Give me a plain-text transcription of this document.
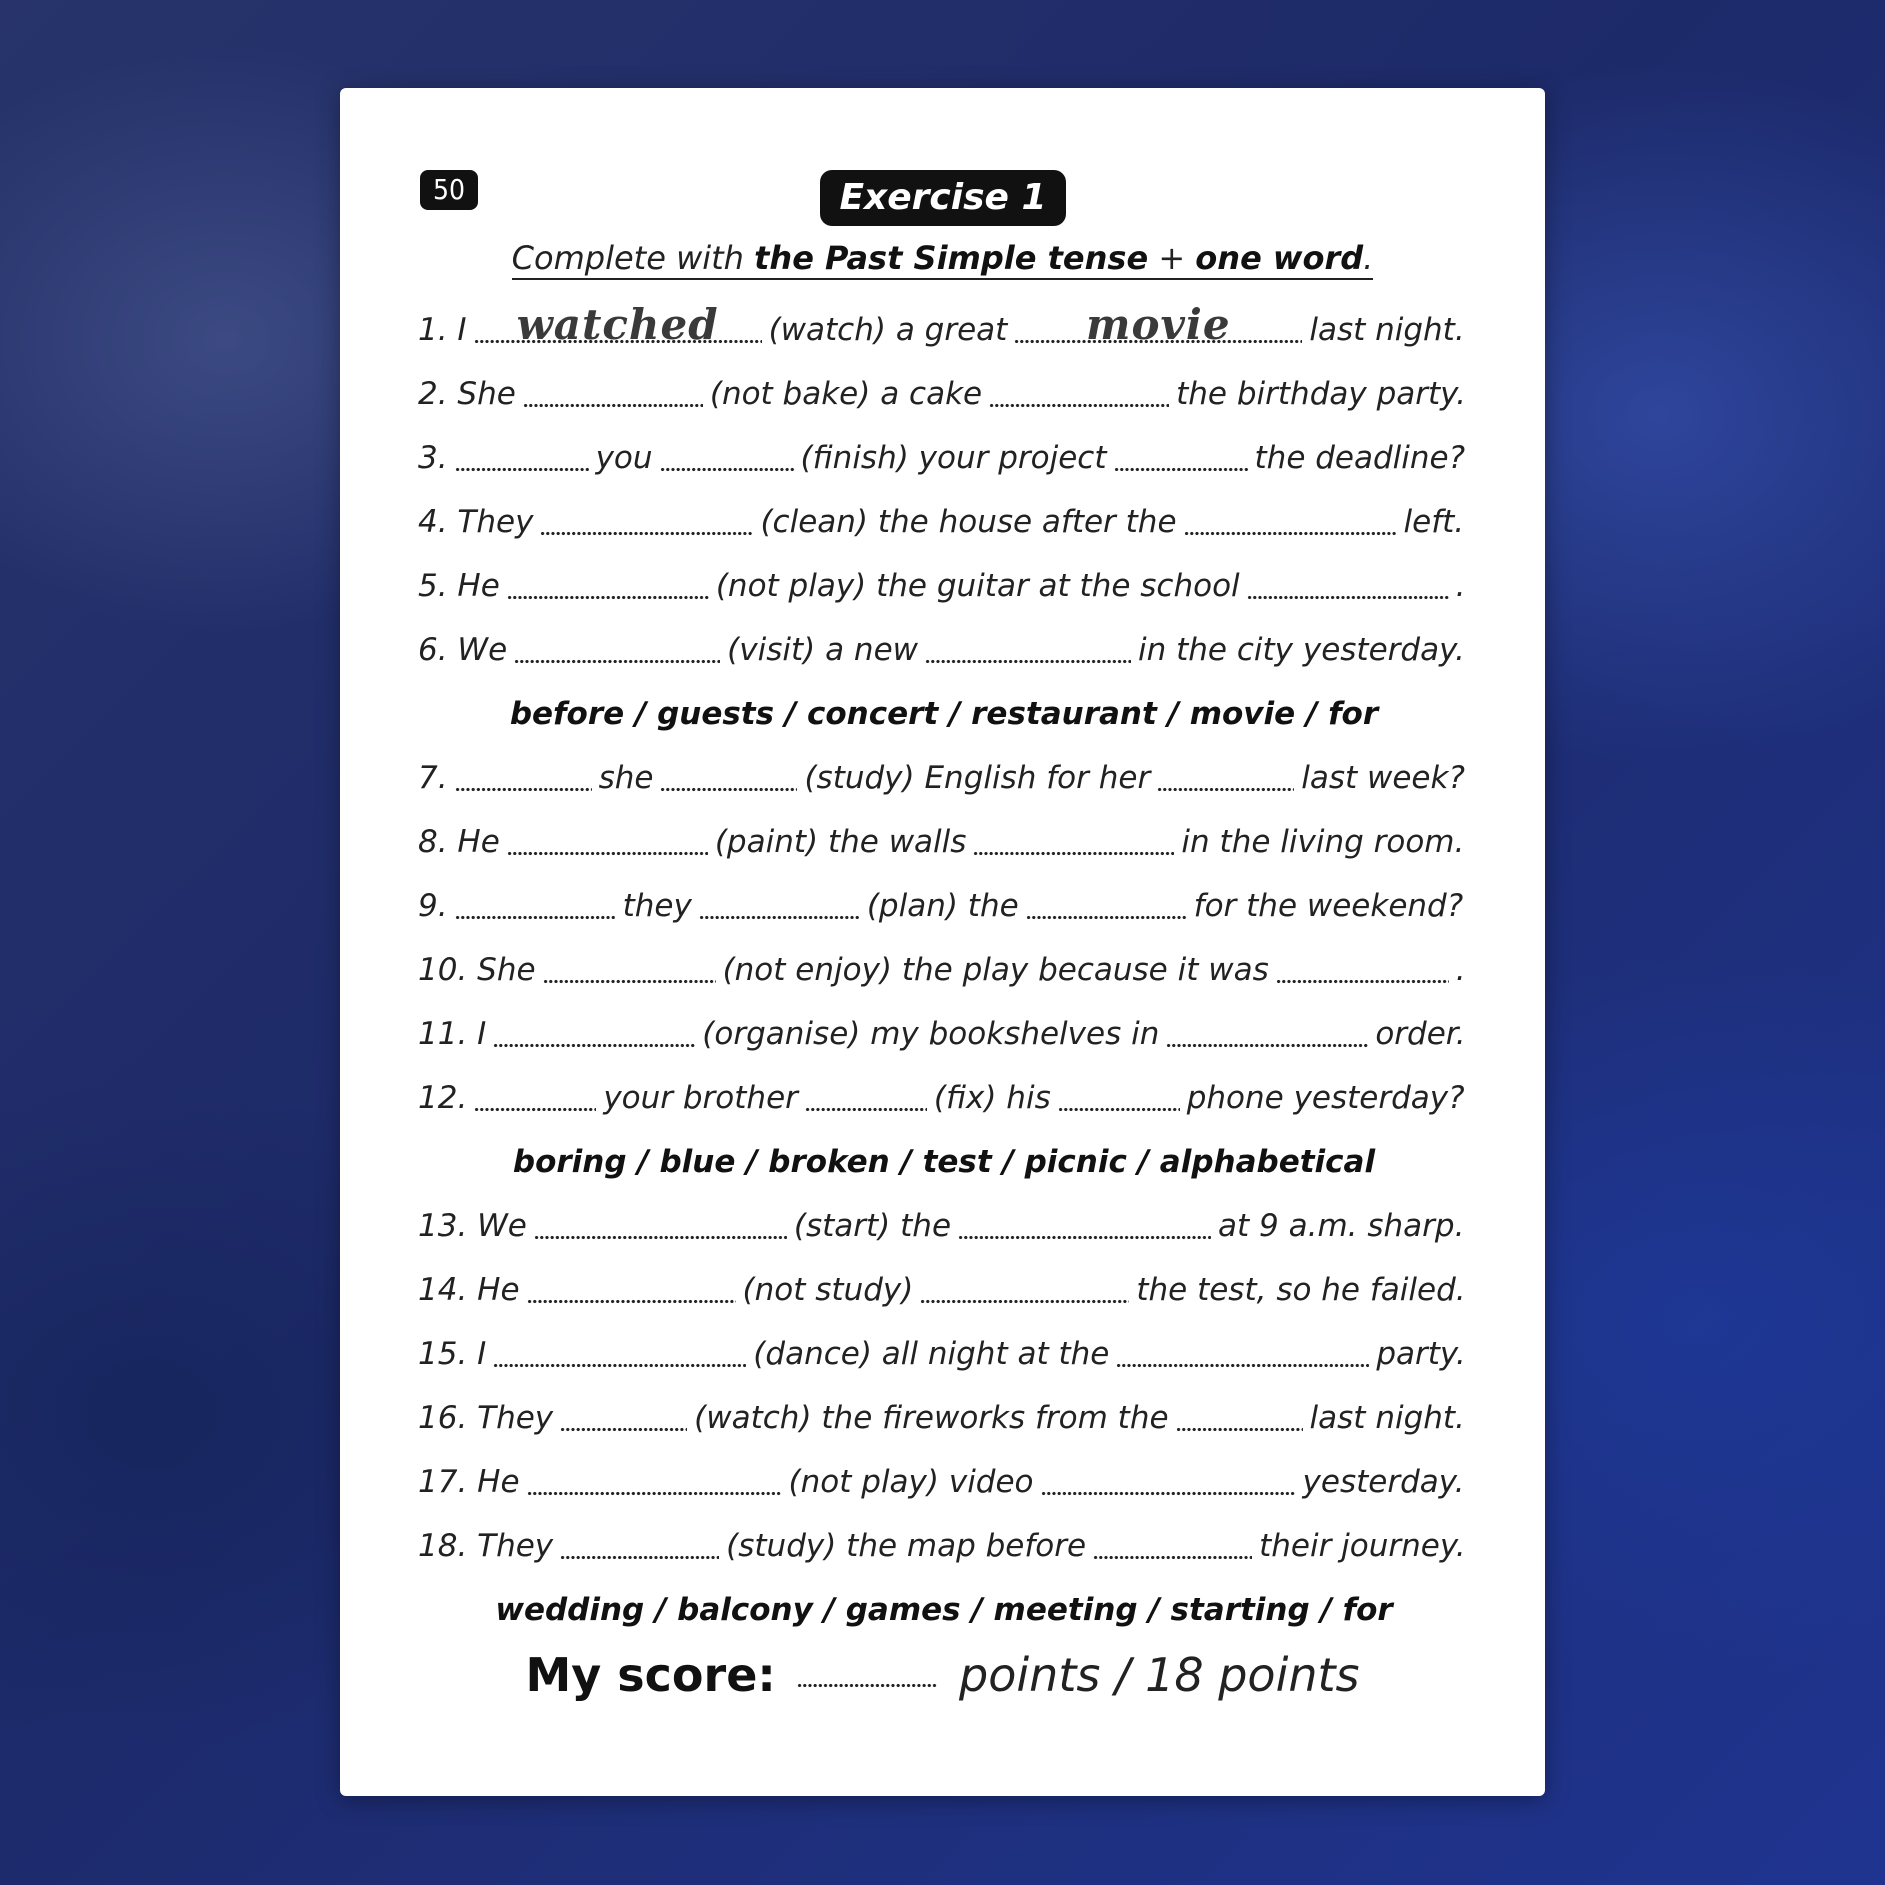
50	Exercise 1
Complete with the Past Simple tense + one word.
1. I	watched	(watch) a great	movie	last night.
2. She	(not bake) a cake	the birthday party.
3.	you	(finish) your project	the deadline?
4. They	(clean) the house after the	left.
5. He	(not play) the guitar at the school	.
6. We	(visit) a new	in the city yesterday.
before / guests / concert / restaurant / movie / for
7.	she	(study) English for her	last week?
8. He	(paint) the walls	in the living room.
9.	they	(plan) the	for the weekend?
10. She	(not enjoy) the play because it was	.
11. I	(organise) my bookshelves in	order.
12.	your brother	(fix) his	phone yesterday?
boring / blue / broken / test / picnic / alphabetical
13. We	(start) the	at 9 a.m. sharp.
14. He	(not study)	the test, so he failed.
15. I	(dance) all night at the	party.
16. They	(watch) the fireworks from the	last night.
17. He	(not play) video	yesterday.
18. They	(study) the map before	their journey.
wedding / balcony / games / meeting / starting / for
My score:	points / 18 points
